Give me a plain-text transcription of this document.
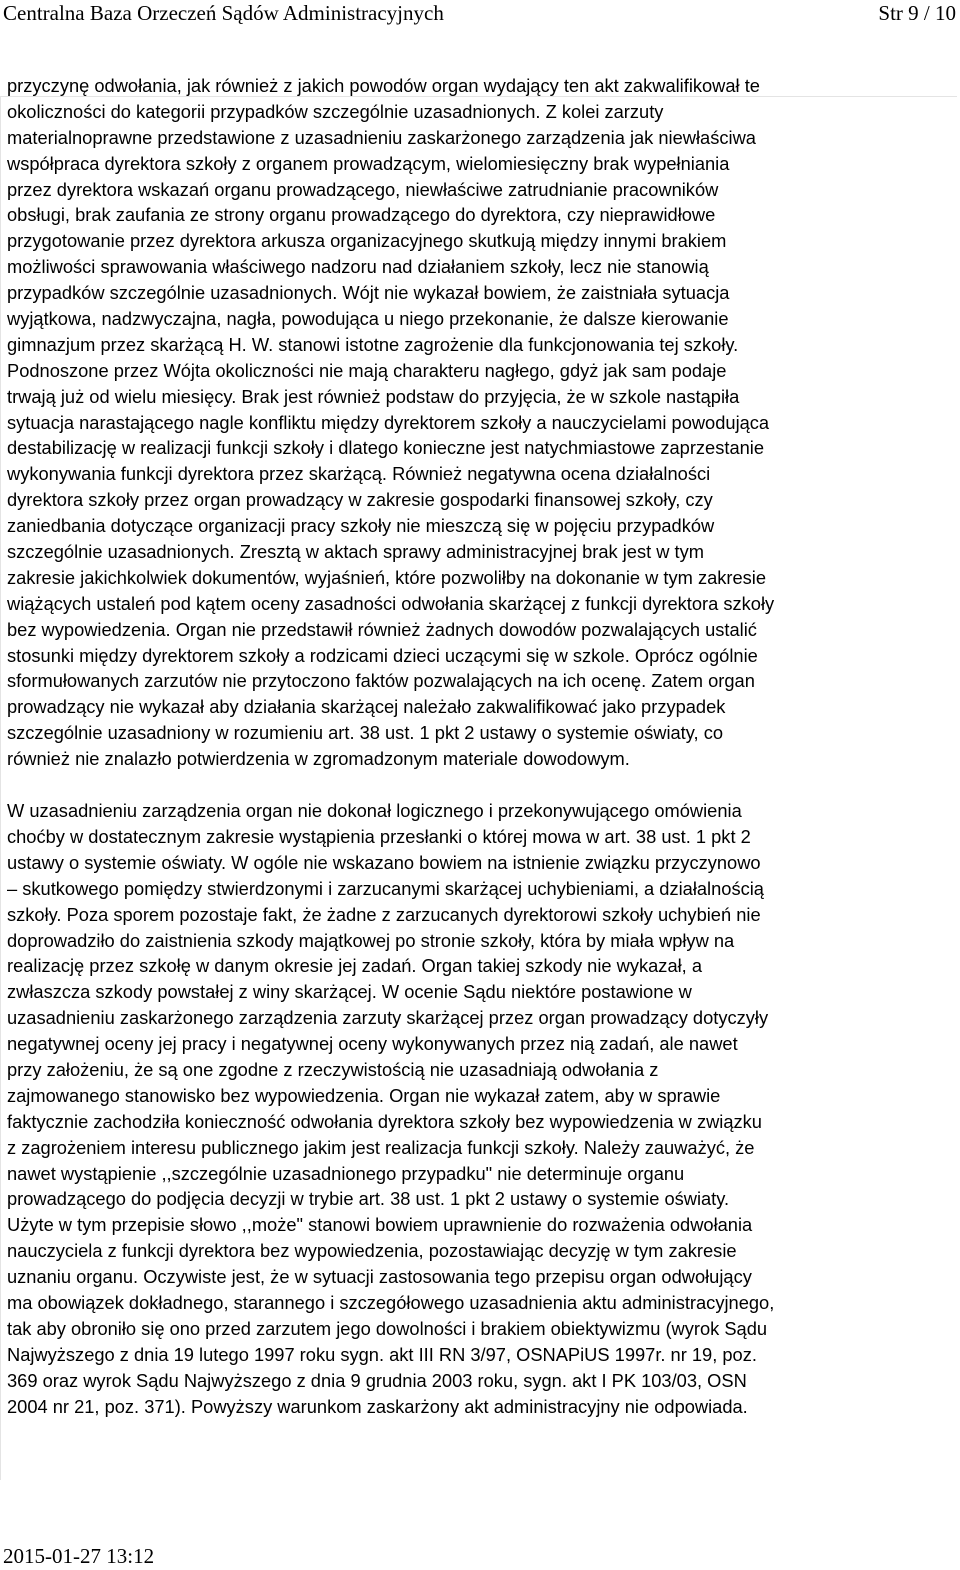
Centralna Baza Orzeczeń Sądów Administracyjnych	Str 9 / 10
przyczynę odwołania, jak również z jakich powodów organ wydający ten akt zakwalifikował te
okoliczności do kategorii przypadków szczególnie uzasadnionych. Z kolei zarzuty
materialnoprawne przedstawione z uzasadnieniu zaskarżonego zarządzenia jak niewłaściwa
współpraca dyrektora szkoły z organem prowadzącym, wielomiesięczny brak wypełniania
przez dyrektora wskazań organu prowadzącego, niewłaściwe zatrudnianie pracowników
obsługi, brak zaufania ze strony organu prowadzącego do dyrektora, czy nieprawidłowe
przygotowanie przez dyrektora arkusza organizacyjnego skutkują między innymi brakiem
możliwości sprawowania właściwego nadzoru nad działaniem szkoły, lecz nie stanowią
przypadków szczególnie uzasadnionych. Wójt nie wykazał bowiem, że zaistniała sytuacja
wyjątkowa, nadzwyczajna, nagła, powodująca u niego przekonanie, że dalsze kierowanie
gimnazjum przez skarżącą H. W. stanowi istotne zagrożenie dla funkcjonowania tej szkoły.
Podnoszone przez Wójta okoliczności nie mają charakteru nagłego, gdyż jak sam podaje
trwają już od wielu miesięcy. Brak jest również podstaw do przyjęcia, że w szkole nastąpiła
sytuacja narastającego nagle konfliktu między dyrektorem szkoły a nauczycielami powodująca
destabilizację w realizacji funkcji szkoły i dlatego konieczne jest natychmiastowe zaprzestanie
wykonywania funkcji dyrektora przez skarżącą. Również negatywna ocena działalności
dyrektora szkoły przez organ prowadzący w zakresie gospodarki finansowej szkoły, czy
zaniedbania dotyczące organizacji pracy szkoły nie mieszczą się w pojęciu przypadków
szczególnie uzasadnionych. Zresztą w aktach sprawy administracyjnej brak jest w tym
zakresie jakichkolwiek dokumentów, wyjaśnień, które pozwoliłby na dokonanie w tym zakresie
wiążących ustaleń pod kątem oceny zasadności odwołania skarżącej z funkcji dyrektora szkoły
bez wypowiedzenia. Organ nie przedstawił również żadnych dowodów pozwalających ustalić
stosunki między dyrektorem szkoły a rodzicami dzieci uczącymi się w szkole. Oprócz ogólnie
sformułowanych zarzutów nie przytoczono faktów pozwalających na ich ocenę. Zatem organ
prowadzący nie wykazał aby działania skarżącej należało zakwalifikować jako przypadek
szczególnie uzasadniony w rozumieniu art. 38 ust. 1 pkt 2 ustawy o systemie oświaty, co
również nie znalazło potwierdzenia w zgromadzonym materiale dowodowym.
W uzasadnieniu zarządzenia organ nie dokonał logicznego i przekonywującego omówienia
choćby w dostatecznym zakresie wystąpienia przesłanki o której mowa w art. 38 ust. 1 pkt 2
ustawy o systemie oświaty. W ogóle nie wskazano bowiem na istnienie związku przyczynowo
– skutkowego pomiędzy stwierdzonymi i zarzucanymi skarżącej uchybieniami, a działalnością
szkoły. Poza sporem pozostaje fakt, że żadne z zarzucanych dyrektorowi szkoły uchybień nie
doprowadziło do zaistnienia szkody majątkowej po stronie szkoły, która by miała wpływ na
realizację przez szkołę w danym okresie jej zadań. Organ takiej szkody nie wykazał, a
zwłaszcza szkody powstałej z winy skarżącej. W ocenie Sądu niektóre postawione w
uzasadnieniu zaskarżonego zarządzenia zarzuty skarżącej przez organ prowadzący dotyczyły
negatywnej oceny jej pracy i negatywnej oceny wykonywanych przez nią zadań, ale nawet
przy założeniu, że są one zgodne z rzeczywistością nie uzasadniają odwołania z
zajmowanego stanowisko bez wypowiedzenia. Organ nie wykazał zatem, aby w sprawie
faktycznie zachodziła konieczność odwołania dyrektora szkoły bez wypowiedzenia w związku
z zagrożeniem interesu publicznego jakim jest realizacja funkcji szkoły. Należy zauważyć, że
nawet wystąpienie ,,szczególnie uzasadnionego przypadku" nie determinuje organu
prowadzącego do podjęcia decyzji w trybie art. 38 ust. 1 pkt 2 ustawy o systemie oświaty.
Użyte w tym przepisie słowo ,,może" stanowi bowiem uprawnienie do rozważenia odwołania
nauczyciela z funkcji dyrektora bez wypowiedzenia, pozostawiając decyzję w tym zakresie
uznaniu organu. Oczywiste jest, że w sytuacji zastosowania tego przepisu organ odwołujący
ma obowiązek dokładnego, starannego i szczegółowego uzasadnienia aktu administracyjnego,
tak aby obroniło się ono przed zarzutem jego dowolności i brakiem obiektywizmu (wyrok Sądu
Najwyższego z dnia 19 lutego 1997 roku sygn. akt III RN 3/97, OSNAPiUS 1997r. nr 19, poz.
369 oraz wyrok Sądu Najwyższego z dnia 9 grudnia 2003 roku, sygn. akt I PK 103/03, OSN
2004 nr 21, poz. 371). Powyższy warunkom zaskarżony akt administracyjny nie odpowiada.
2015-01-27 13:12
